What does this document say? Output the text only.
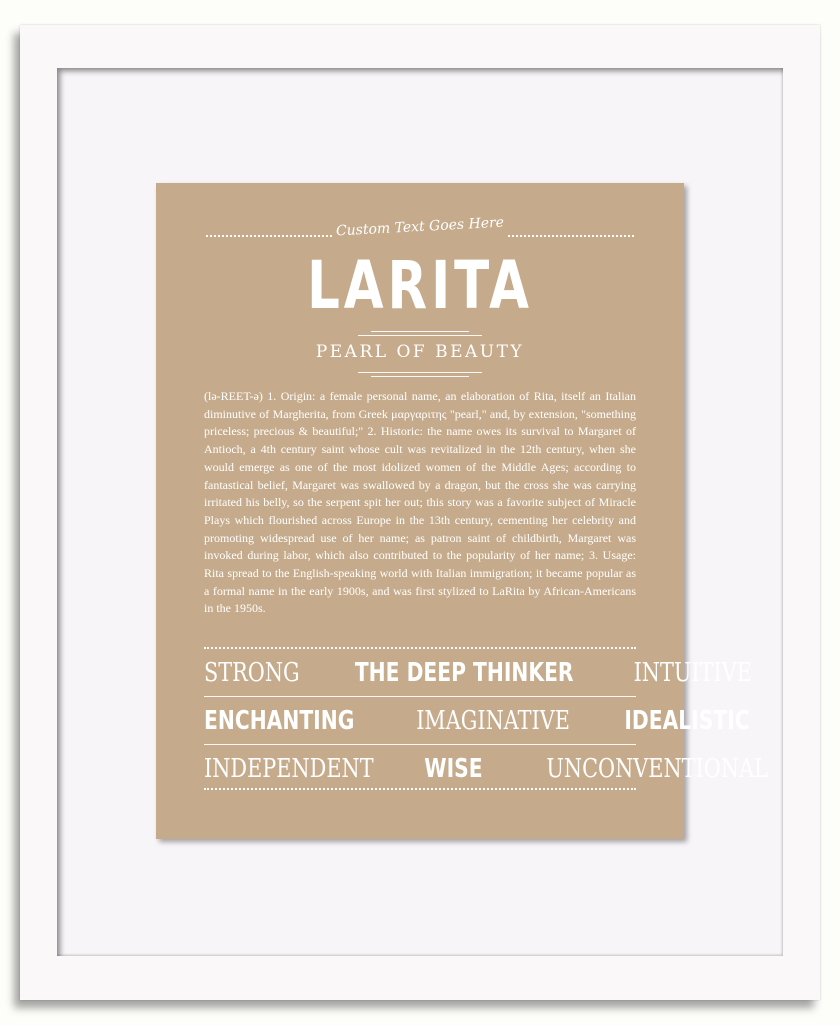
Custom Text Goes Here
LARITA
PEARL OF BEAUTY
(lə-REET-ə) 1. Origin: a female personal name, an elaboration of Rita, itself an Italian diminutive of Margherita, from Greek μαργαριτης "pearl," and, by extension, "something priceless; precious & beautiful;" 2. Historic: the name owes its survival to Margaret of Antioch, a 4th century saint whose cult was revitalized in the 12th century, when she would emerge as one of the most idolized women of the Middle Ages; according to fantastical belief, Margaret was swallowed by a dragon, but the cross she was carrying irritated his belly, so the serpent spit her out; this story was a favorite subject of Miracle Plays which flourished across Europe in the 13th century, cementing her celebrity and promoting widespread use of her name; as patron saint of childbirth, Margaret was invoked during labor, which also contributed to the popularity of her name; 3. Usage: Rita spread to the English-speaking world with Italian immigration; it became popular as a formal name in the early 1900s, and was first stylized to LaRita by African-Americans in the 1950s.
STRONG THE DEEP THINKER INTUITIVE
ENCHANTING IMAGINATIVE IDEALISTIC
INDEPENDENT WISE UNCONVENTIONAL
